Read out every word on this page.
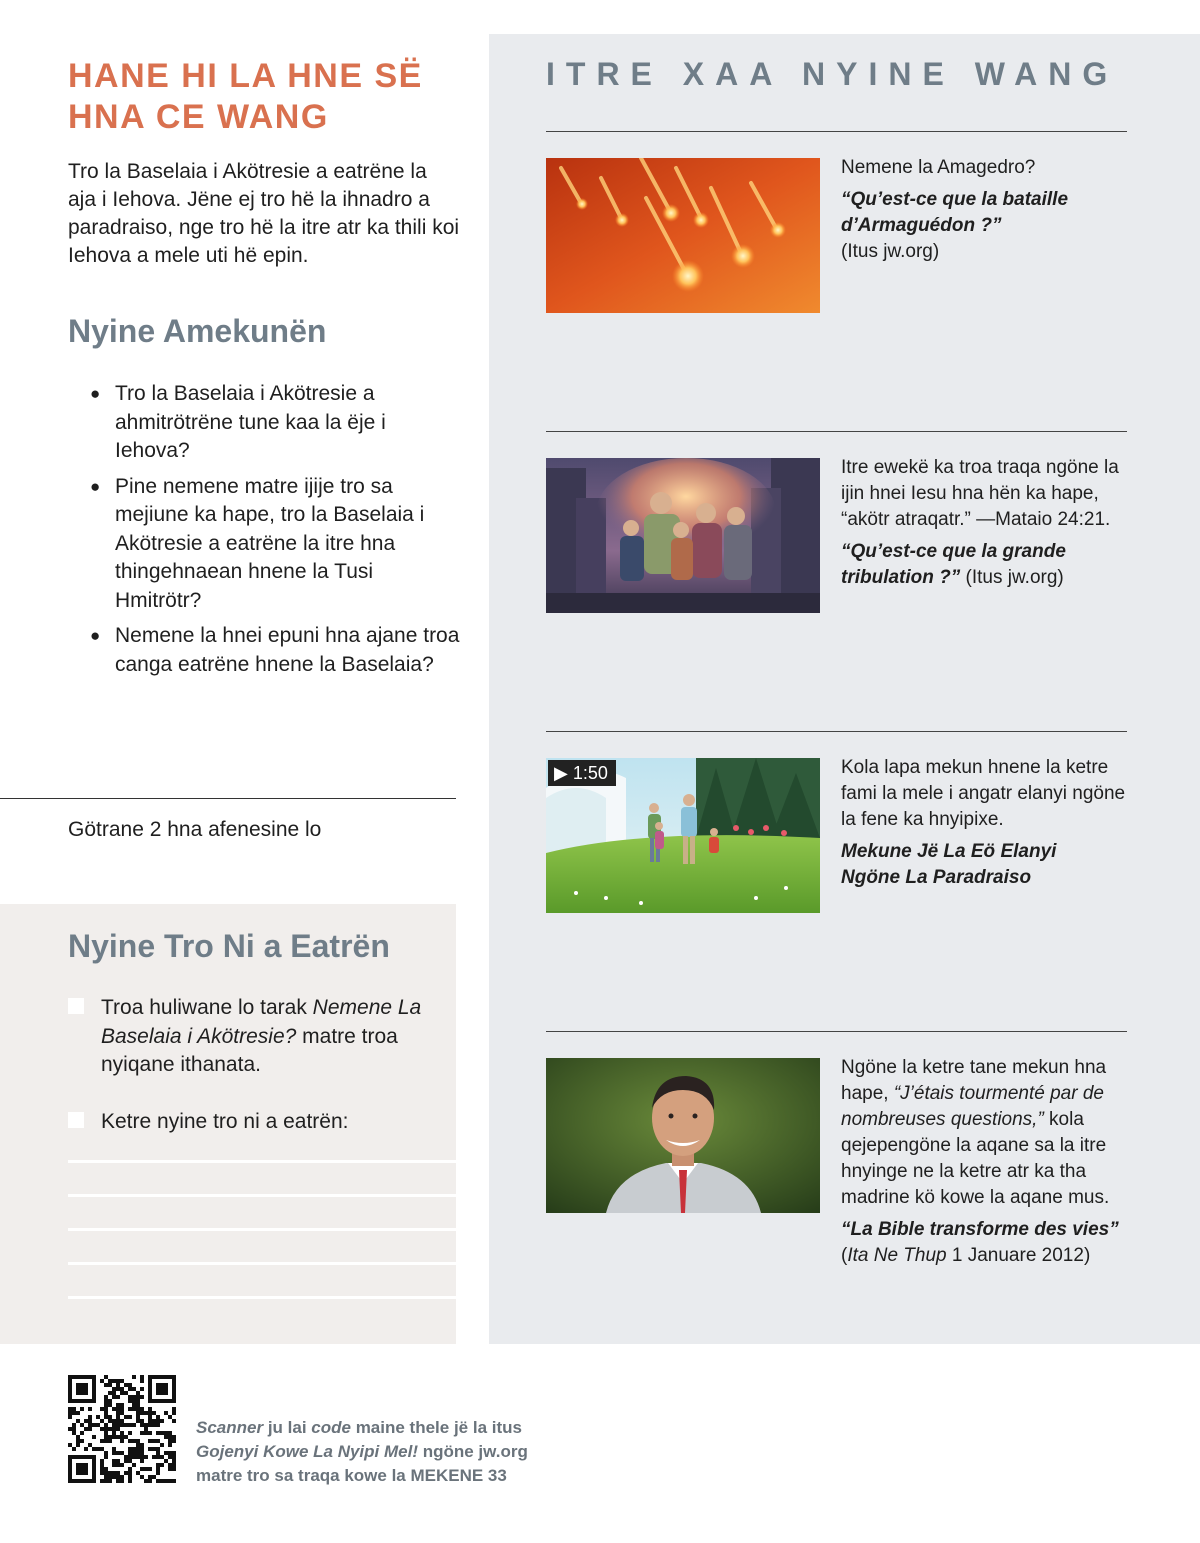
HANE HI LA HNE SË HNA CE WANG

Tro la Baselaia i Akötresie a eatrëne la aja i Iehova. Jëne ej tro hë la ihnadro a paradraiso, nge tro hë la itre atr ka thili koi Iehova a mele uti hë epin.

Nyine Amekunën
● Tro la Baselaia i Akötresie a ahmitrötrëne tune kaa la ëje i Iehova?
● Pine nemene matre ijije tro sa mejiune ka hape, tro la Baselaia i Akötresie a eatrëne la itre hna thingehnaean hnene la Tusi Hmitrötr?
● Nemene la hnei epuni hna ajane troa canga eatrëne hnene la Baselaia?

Götrane 2 hna afenesine lo

Nyine Tro Ni a Eatrën
Troa huliwane lo tarak Nemene La Baselaia i Akötresie? matre troa nyiqane ithanata.
Ketre nyine tro ni a eatrën:
ITRE XAA NYINE WANG

Nemene la Amagedro?

“Qu’est-ce que la bataille d’Armaguédon ?”

(Itus jw.org)

Itre ewekë ka troa traqa ngöne la ijin hnei Iesu hna hën ka hape, “akötr atraqatr.” —Mataio 24:21.

“Qu’est-ce que la grande tribulation ?” (Itus jw.org)

▶ 1:50	Kola lapa mekun hnene la ketre fami la mele i angatr elanyi ngöne la fene ka hnyipixe.

Mekune Jë La Eö Elanyi
Ngöne La Paradraiso

Ngöne la ketre tane mekun hna hape, “J’étais tourmenté par de nombreuses questions,” kola qejepengöne la aqane sa la itre hnyinge ne la ketre atr ka tha madrine kö kowe la aqane mus.

“La Bible transforme des vies”

(Ita Ne Thup 1 Januare 2012)

Scanner ju lai code maine thele jë la itus
Gojenyi Kowe La Nyipi Mel! ngöne jw.org
matre tro sa traqa kowe la MEKENE 33
